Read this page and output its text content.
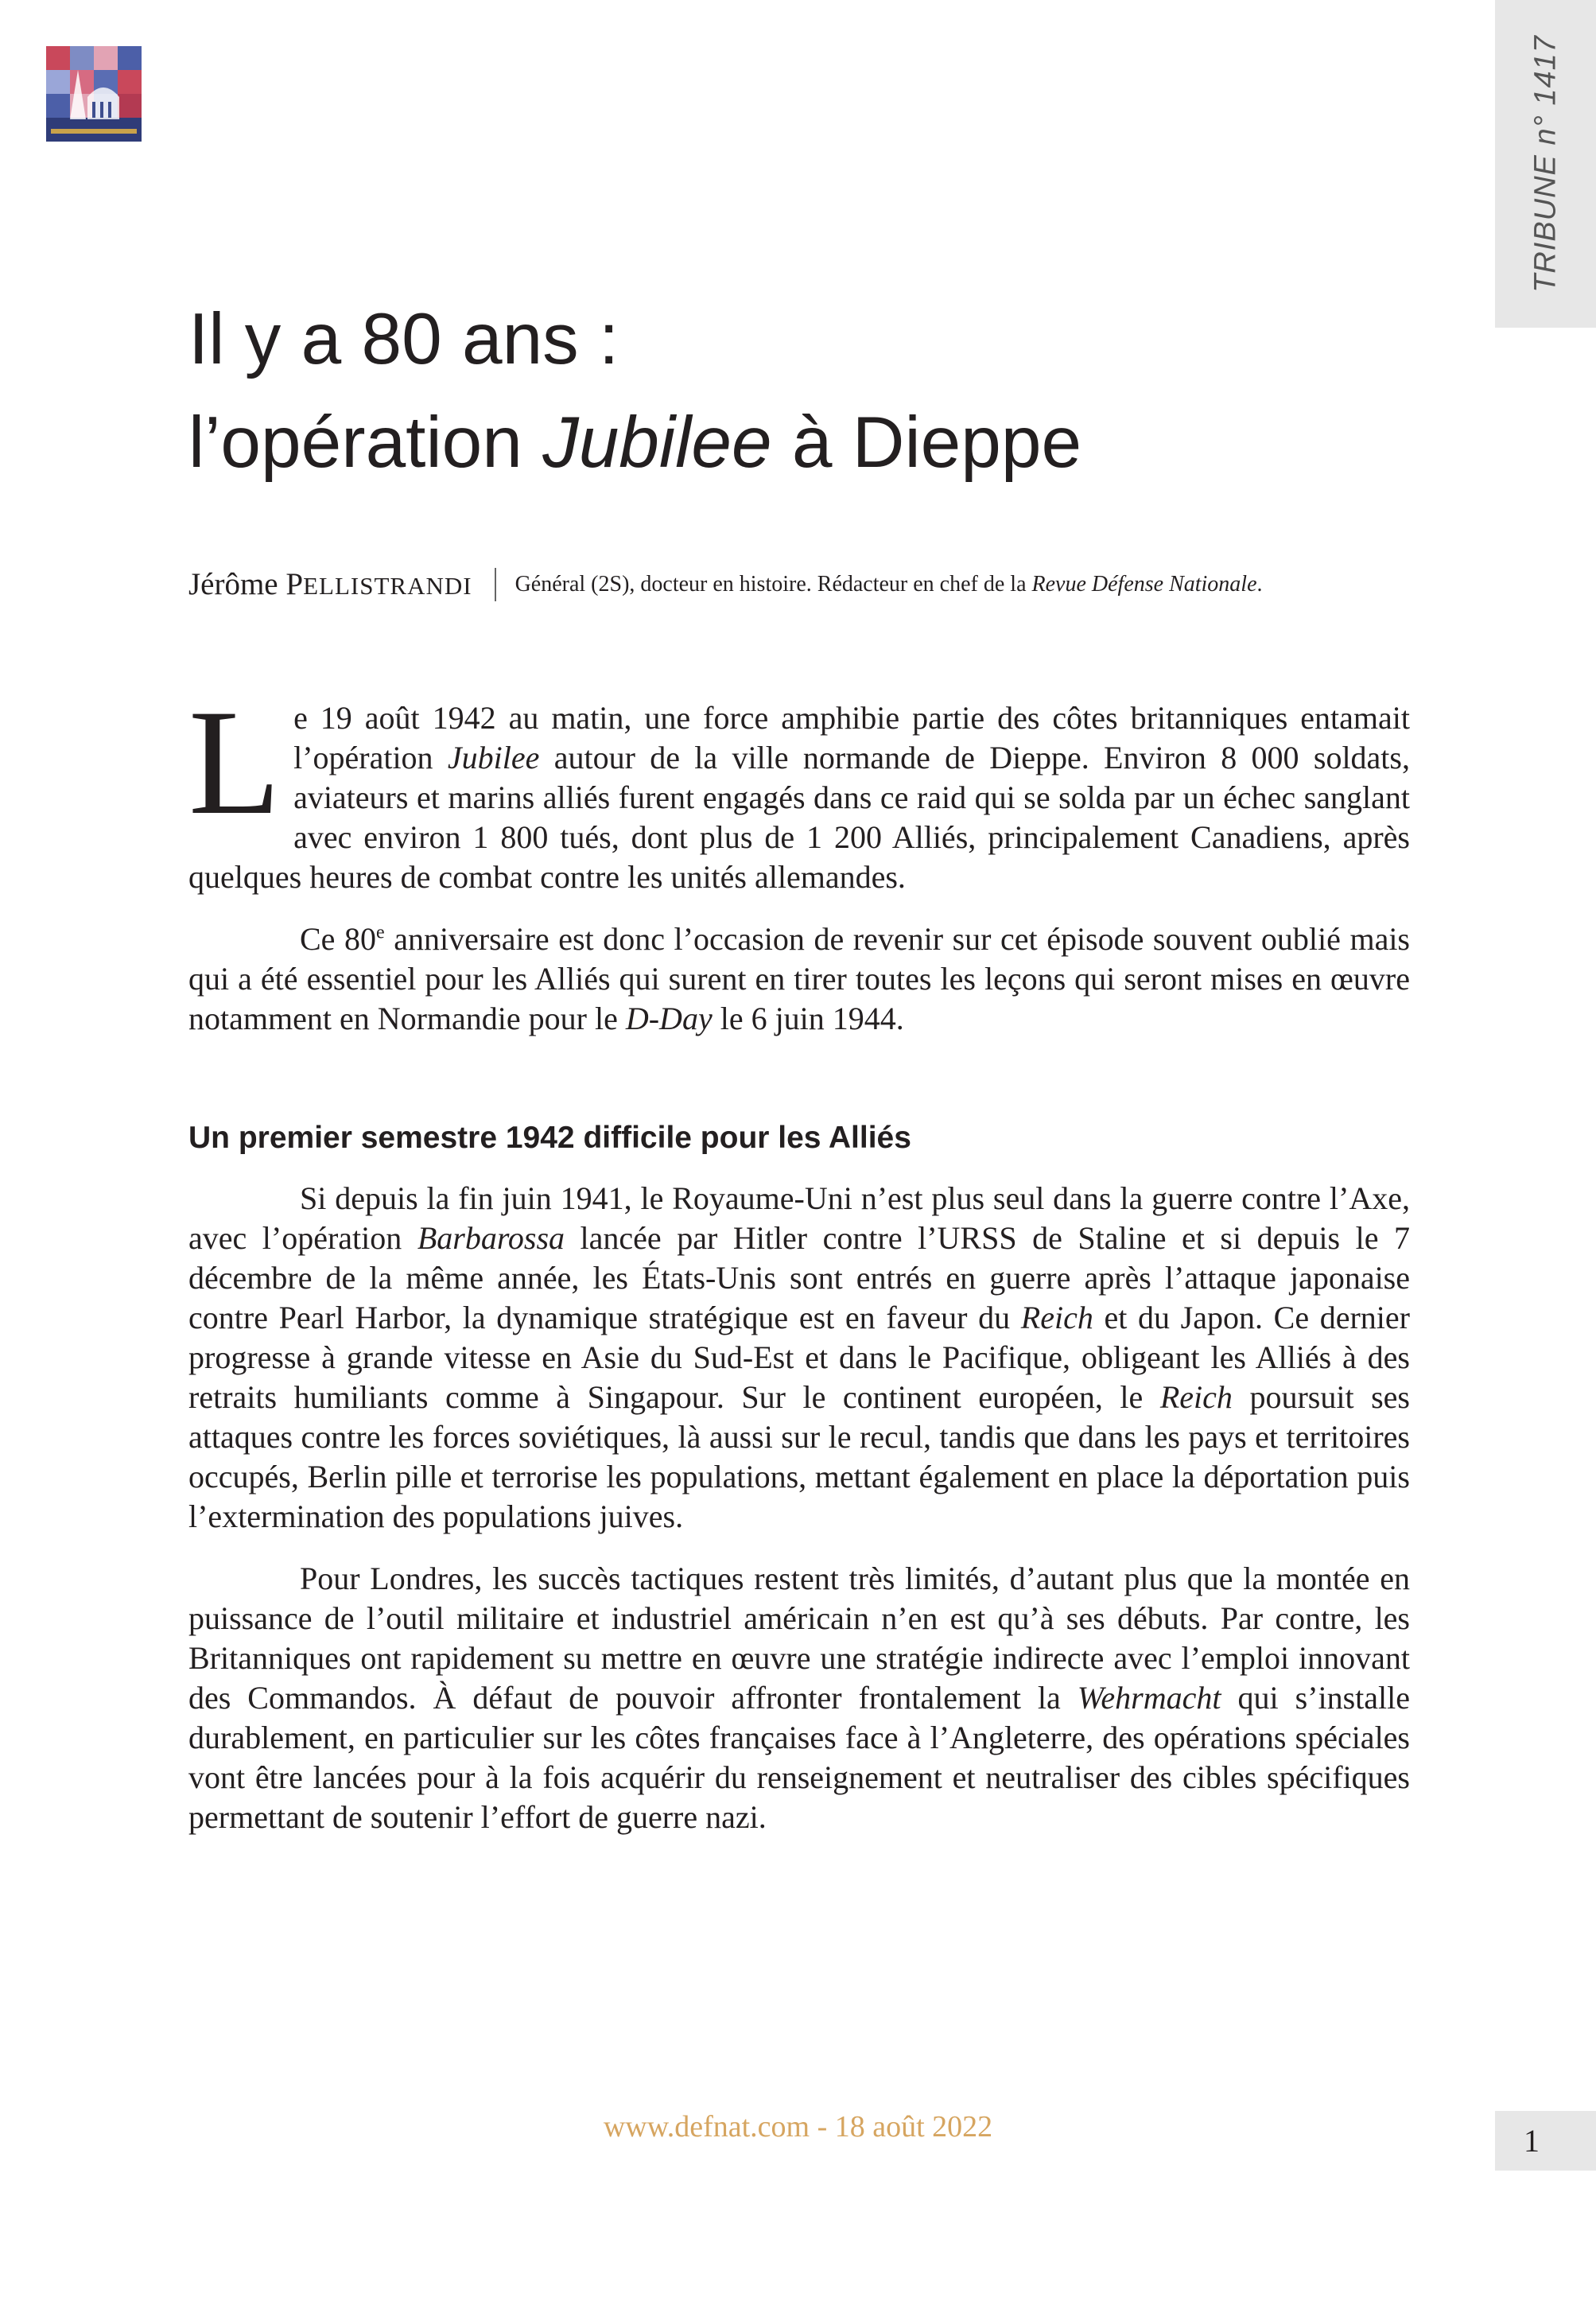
TRIBUNE n° 1417
Il y a 80 ans :
l’opération Jubilee à Dieppe
Jérôme PELLISTRANDI Général (2S), docteur en histoire. Rédacteur en chef de la Revue Défense Nationale.

Le 19 août 1942 au matin, une force amphibie partie des côtes britanniques entamait l’opération Jubilee autour de la ville normande de Dieppe. Environ 8 000 soldats, aviateurs et marins alliés furent engagés dans ce raid qui se solda par un échec sanglant avec environ 1 800 tués, dont plus de 1 200 Alliés, principalement Canadiens, après quelques heures de combat contre les unités allemandes.

Ce 80e anniversaire est donc l’occasion de revenir sur cet épisode souvent oublié mais qui a été essentiel pour les Alliés qui surent en tirer toutes les leçons qui seront mises en œuvre notamment en Normandie pour le D-Day le 6 juin 1944.

Un premier semestre 1942 difficile pour les Alliés

Si depuis la fin juin 1941, le Royaume-Uni n’est plus seul dans la guerre contre l’Axe, avec l’opération Barbarossa lancée par Hitler contre l’URSS de Staline et si depuis le 7 décembre de la même année, les États-Unis sont entrés en guerre après l’attaque japonaise contre Pearl Harbor, la dynamique stratégique est en faveur du Reich et du Japon. Ce dernier progresse à grande vitesse en Asie du Sud-Est et dans le Pacifique, obligeant les Alliés à des retraits humiliants comme à Singapour. Sur le continent européen, le Reich poursuit ses attaques contre les forces soviétiques, là aussi sur le recul, tandis que dans les pays et territoires occupés, Berlin pille et terrorise les populations, mettant également en place la déportation puis l’extermination des populations juives.

Pour Londres, les succès tactiques restent très limités, d’autant plus que la montée en puissance de l’outil militaire et industriel américain n’en est qu’à ses débuts. Par contre, les Britanniques ont rapidement su mettre en œuvre une stratégie indirecte avec l’emploi innovant des Commandos. À défaut de pouvoir affronter frontalement la Wehrmacht qui s’installe durablement, en particulier sur les côtes françaises face à l’Angleterre, des opérations spéciales vont être lancées pour à la fois acquérir du renseignement et neutraliser des cibles spécifiques permettant de soutenir l’effort de guerre nazi.

www.defnat.com - 18 août 2022	1
